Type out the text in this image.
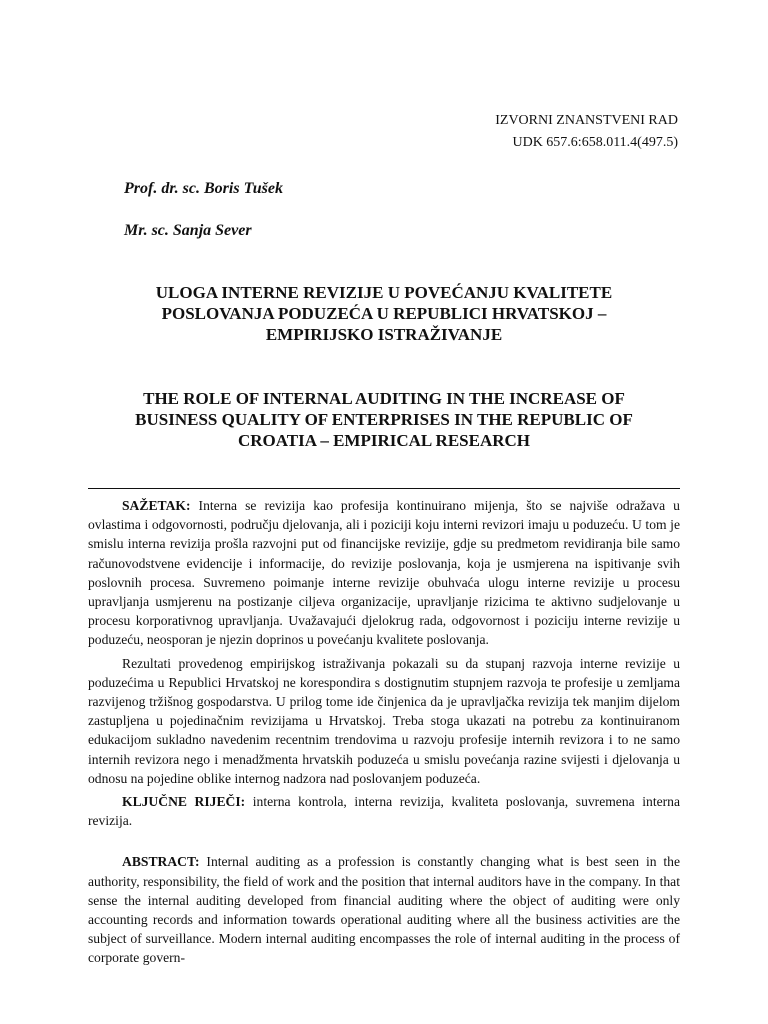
IZVORNI ZNANSTVENI RAD
UDK 657.6:658.011.4(497.5)
Prof. dr. sc. Boris Tušek
Mr. sc. Sanja Sever
ULOGA INTERNE REVIZIJE U POVEĆANJU KVALITETE
POSLOVANJA PODUZEĆA U REPUBLICI HRVATSKOJ –
EMPIRIJSKO ISTRAŽIVANJE
THE ROLE OF INTERNAL AUDITING IN THE INCREASE OF
BUSINESS QUALITY OF ENTERPRISES IN THE REPUBLIC OF
CROATIA – EMPIRICAL RESEARCH

SAŽETAK: Interna se revizija kao profesija kontinuirano mijenja, što se najviše odražava u ovlastima i odgovornosti, području djelovanja, ali i poziciji koju interni revizori imaju u poduzeću. U tom je smislu interna revizija prošla razvojni put od financijske revizije, gdje su predmetom revidiranja bile samo računovodstvene evidencije i informacije, do revizije poslovanja, koja je usmjerena na ispitivanje svih poslovnih procesa. Suvremeno poimanje interne revizije obuhvaća ulogu interne revizije u procesu upravljanja usmjerenu na postizanje ciljeva organizacije, upravljanje rizicima te aktivno sudjelovanje u procesu korporativnog upravljanja. Uvažavajući djelokrug rada, odgovornost i poziciju interne revizije u poduzeću, neosporan je njezin doprinos u povećanju kvalitete poslovanja.

Rezultati provedenog empirijskog istraživanja pokazali su da stupanj razvoja interne revizije u poduzećima u Republici Hrvatskoj ne korespondira s dostignutim stupnjem razvoja te profesije u zemljama razvijenog tržišnog gospodarstva. U prilog tome ide činjenica da je upravljačka revizija tek manjim dijelom zastupljena u pojedinačnim revizijama u Hrvatskoj. Treba stoga ukazati na potrebu za kontinuiranom edukacijom sukladno navedenim recentnim trendovima u razvoju profesije internih revizora i to ne samo internih revizora nego i menadžmenta hrvatskih poduzeća u smislu povećanja razine svijesti i djelovanja u odnosu na pojedine oblike internog nadzora nad poslovanjem poduzeća.

KLJUČNE RIJEČI: interna kontrola, interna revizija, kvaliteta poslovanja, suvremena interna revizija.

ABSTRACT: Internal auditing as a profession is constantly changing what is best seen in the authority, responsibility, the field of work and the position that internal auditors have in the company. In that sense the internal auditing developed from financial auditing where the object of auditing were only accounting records and information towards operational auditing where all the business activities are the subject of surveillance. Modern internal auditing encompasses the role of internal auditing in the process of corporate govern-
